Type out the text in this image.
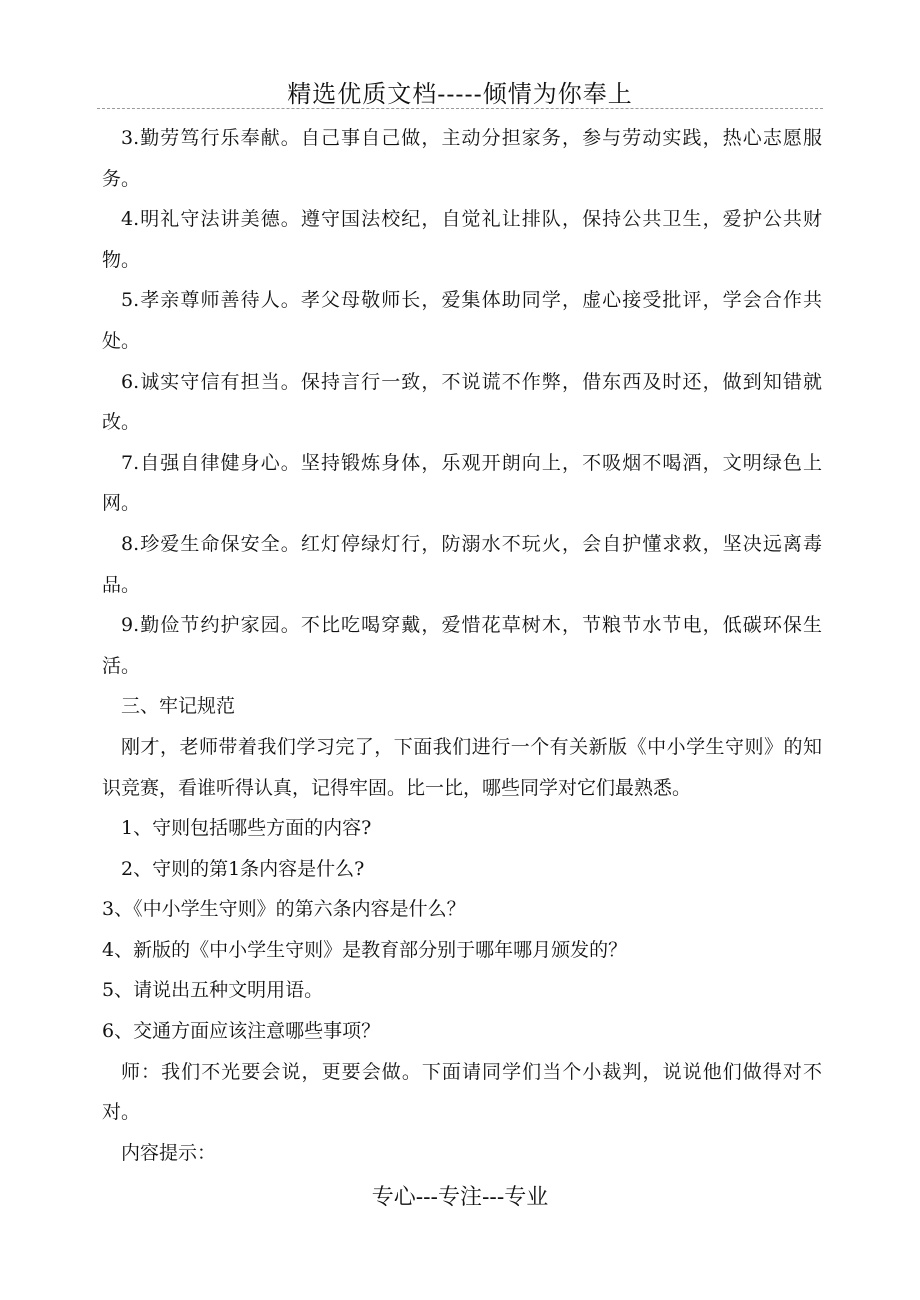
精选优质文档-----倾情为你奉上

3.勤劳笃行乐奉献。自己事自己做，主动分担家务，参与劳动实践，热心志愿服务。

4.明礼守法讲美德。遵守国法校纪，自觉礼让排队，保持公共卫生，爱护公共财物。

5.孝亲尊师善待人。孝父母敬师长，爱集体助同学，虚心接受批评，学会合作共处。

6.诚实守信有担当。保持言行一致，不说谎不作弊，借东西及时还，做到知错就改。

7.自强自律健身心。坚持锻炼身体，乐观开朗向上，不吸烟不喝酒，文明绿色上网。

8.珍爱生命保安全。红灯停绿灯行，防溺水不玩火，会自护懂求救，坚决远离毒品。

9.勤俭节约护家园。不比吃喝穿戴，爱惜花草树木，节粮节水节电，低碳环保生活。

三、牢记规范

刚才，老师带着我们学习完了，下面我们进行一个有关新版《中小学生守则》的知识竞赛，看谁听得认真，记得牢固。比一比，哪些同学对它们最熟悉。

1、守则包括哪些方面的内容?

2、守则的第1条内容是什么?

3、《中小学生守则》的第六条内容是什么？

4、新版的《中小学生守则》是教育部分别于哪年哪月颁发的？

5、请说出五种文明用语。

6、交通方面应该注意哪些事项？

师：我们不光要会说，更要会做。下面请同学们当个小裁判，说说他们做得对不对。

内容提示：

专心---专注---专业
